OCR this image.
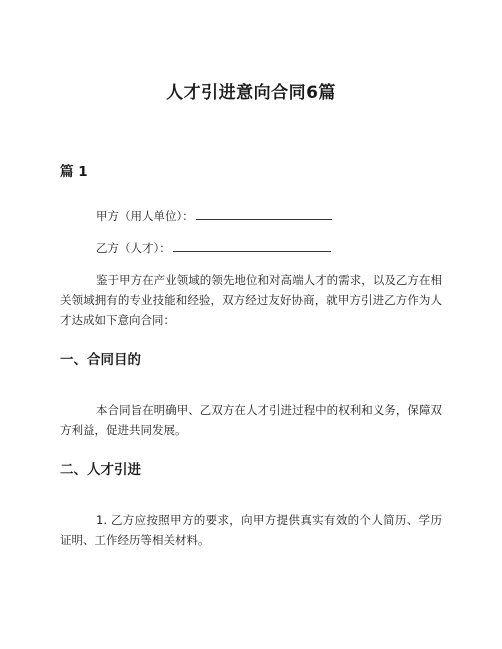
人才引进意向合同6篇
篇 1

甲方（用人单位）：

乙方（人才）：

鉴于甲方在产业领域的领先地位和对高端人才的需求，以及乙方在相关领域拥有的专业技能和经验，双方经过友好协商，就甲方引进乙方作为人才达成如下意向合同：

一、合同目的

本合同旨在明确甲、乙双方在人才引进过程中的权利和义务，保障双方利益，促进共同发展。

二、人才引进

1. 乙方应按照甲方的要求，向甲方提供真实有效的个人简历、学历证明、工作经历等相关材料。
